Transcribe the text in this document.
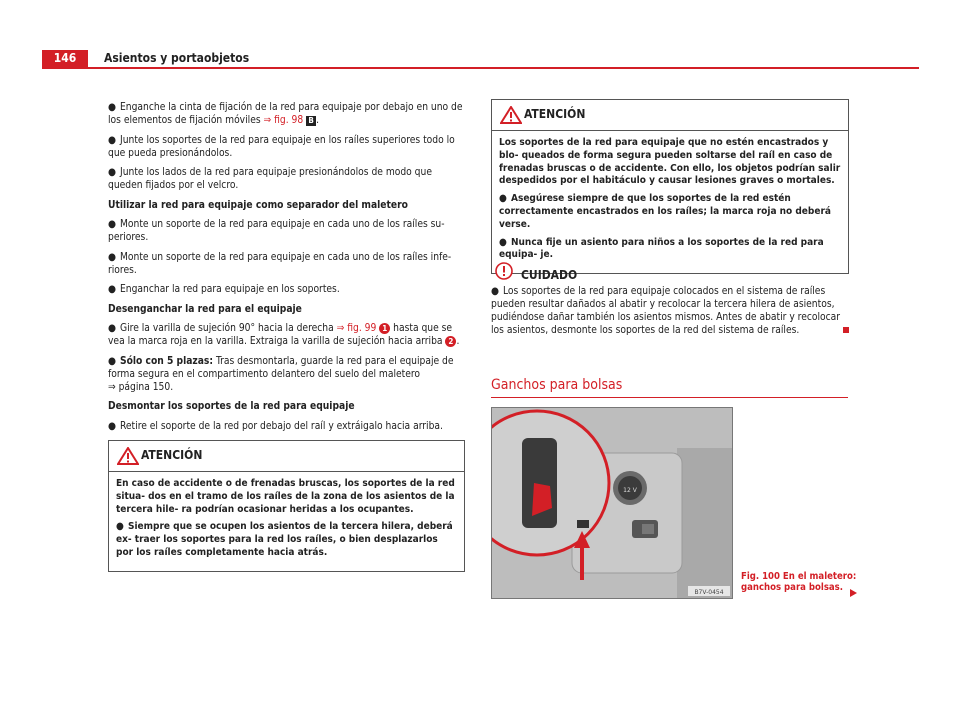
146	Asientos y portaobjetos

● Enganche la cinta de fijación de la red para equipaje por debajo en uno de los elementos de fijación móviles ⇒ fig. 98 B .

● Junte los soportes de la red para equipaje en los raíles superiores todo lo que pueda presionándolos.

● Junte los lados de la red para equipaje presionándolos de modo que queden fijados por el velcro.

Utilizar la red para equipaje como separador del maletero

● Monte un soporte de la red para equipaje en cada uno de los raíles su- periores.

● Monte un soporte de la red para equipaje en cada uno de los raíles infe- riores.

● Enganchar la red para equipaje en los soportes.

Desenganchar la red para el equipaje

● Gire la varilla de sujeción 90° hacia la derecha ⇒ fig. 99 1 hasta que se vea la marca roja en la varilla. Extraiga la varilla de sujeción hacia arriba 2 .

● Sólo con 5 plazas: Tras desmontarla, guarde la red para el equipaje de forma segura en el compartimento delantero del suelo del maletero
⇒ página 150.

Desmontar los soportes de la red para equipaje

● Retire el soporte de la red por debajo del raíl y extráigalo hacia arriba.

ATENCIÓN

En caso de accidente o de frenadas bruscas, los soportes de la red situa- dos en el tramo de los raíles de la zona de los asientos de la tercera hile- ra podrían ocasionar heridas a los ocupantes.

● Siempre que se ocupen los asientos de la tercera hilera, deberá ex- traer los soportes para la red los raíles, o bien desplazarlos por los raíles completamente hacia atrás.

ATENCIÓN

Los soportes de la red para equipaje que no estén encastrados y blo- queados de forma segura pueden soltarse del raíl en caso de frenadas bruscas o de accidente. Con ello, los objetos podrían salir despedidos por el habitáculo y causar lesiones graves o mortales.

● Asegúrese siempre de que los soportes de la red estén correctamente encastrados en los raíles; la marca roja no deberá verse.

● Nunca fije un asiento para niños a los soportes de la red para equipa- je.

CUIDADO
● Los soportes de la red para equipaje colocados en el sistema de raíles pueden resultar dañados al abatir y recolocar la tercera hilera de asientos, pudiéndose dañar también los asientos mismos. Antes de abatir y recolocar los asientos, desmonte los soportes de la red del sistema de raíles.
Ganchos para bolsas
12 V
B7V-0454
Fig. 100 En el maletero:
ganchos para bolsas.
